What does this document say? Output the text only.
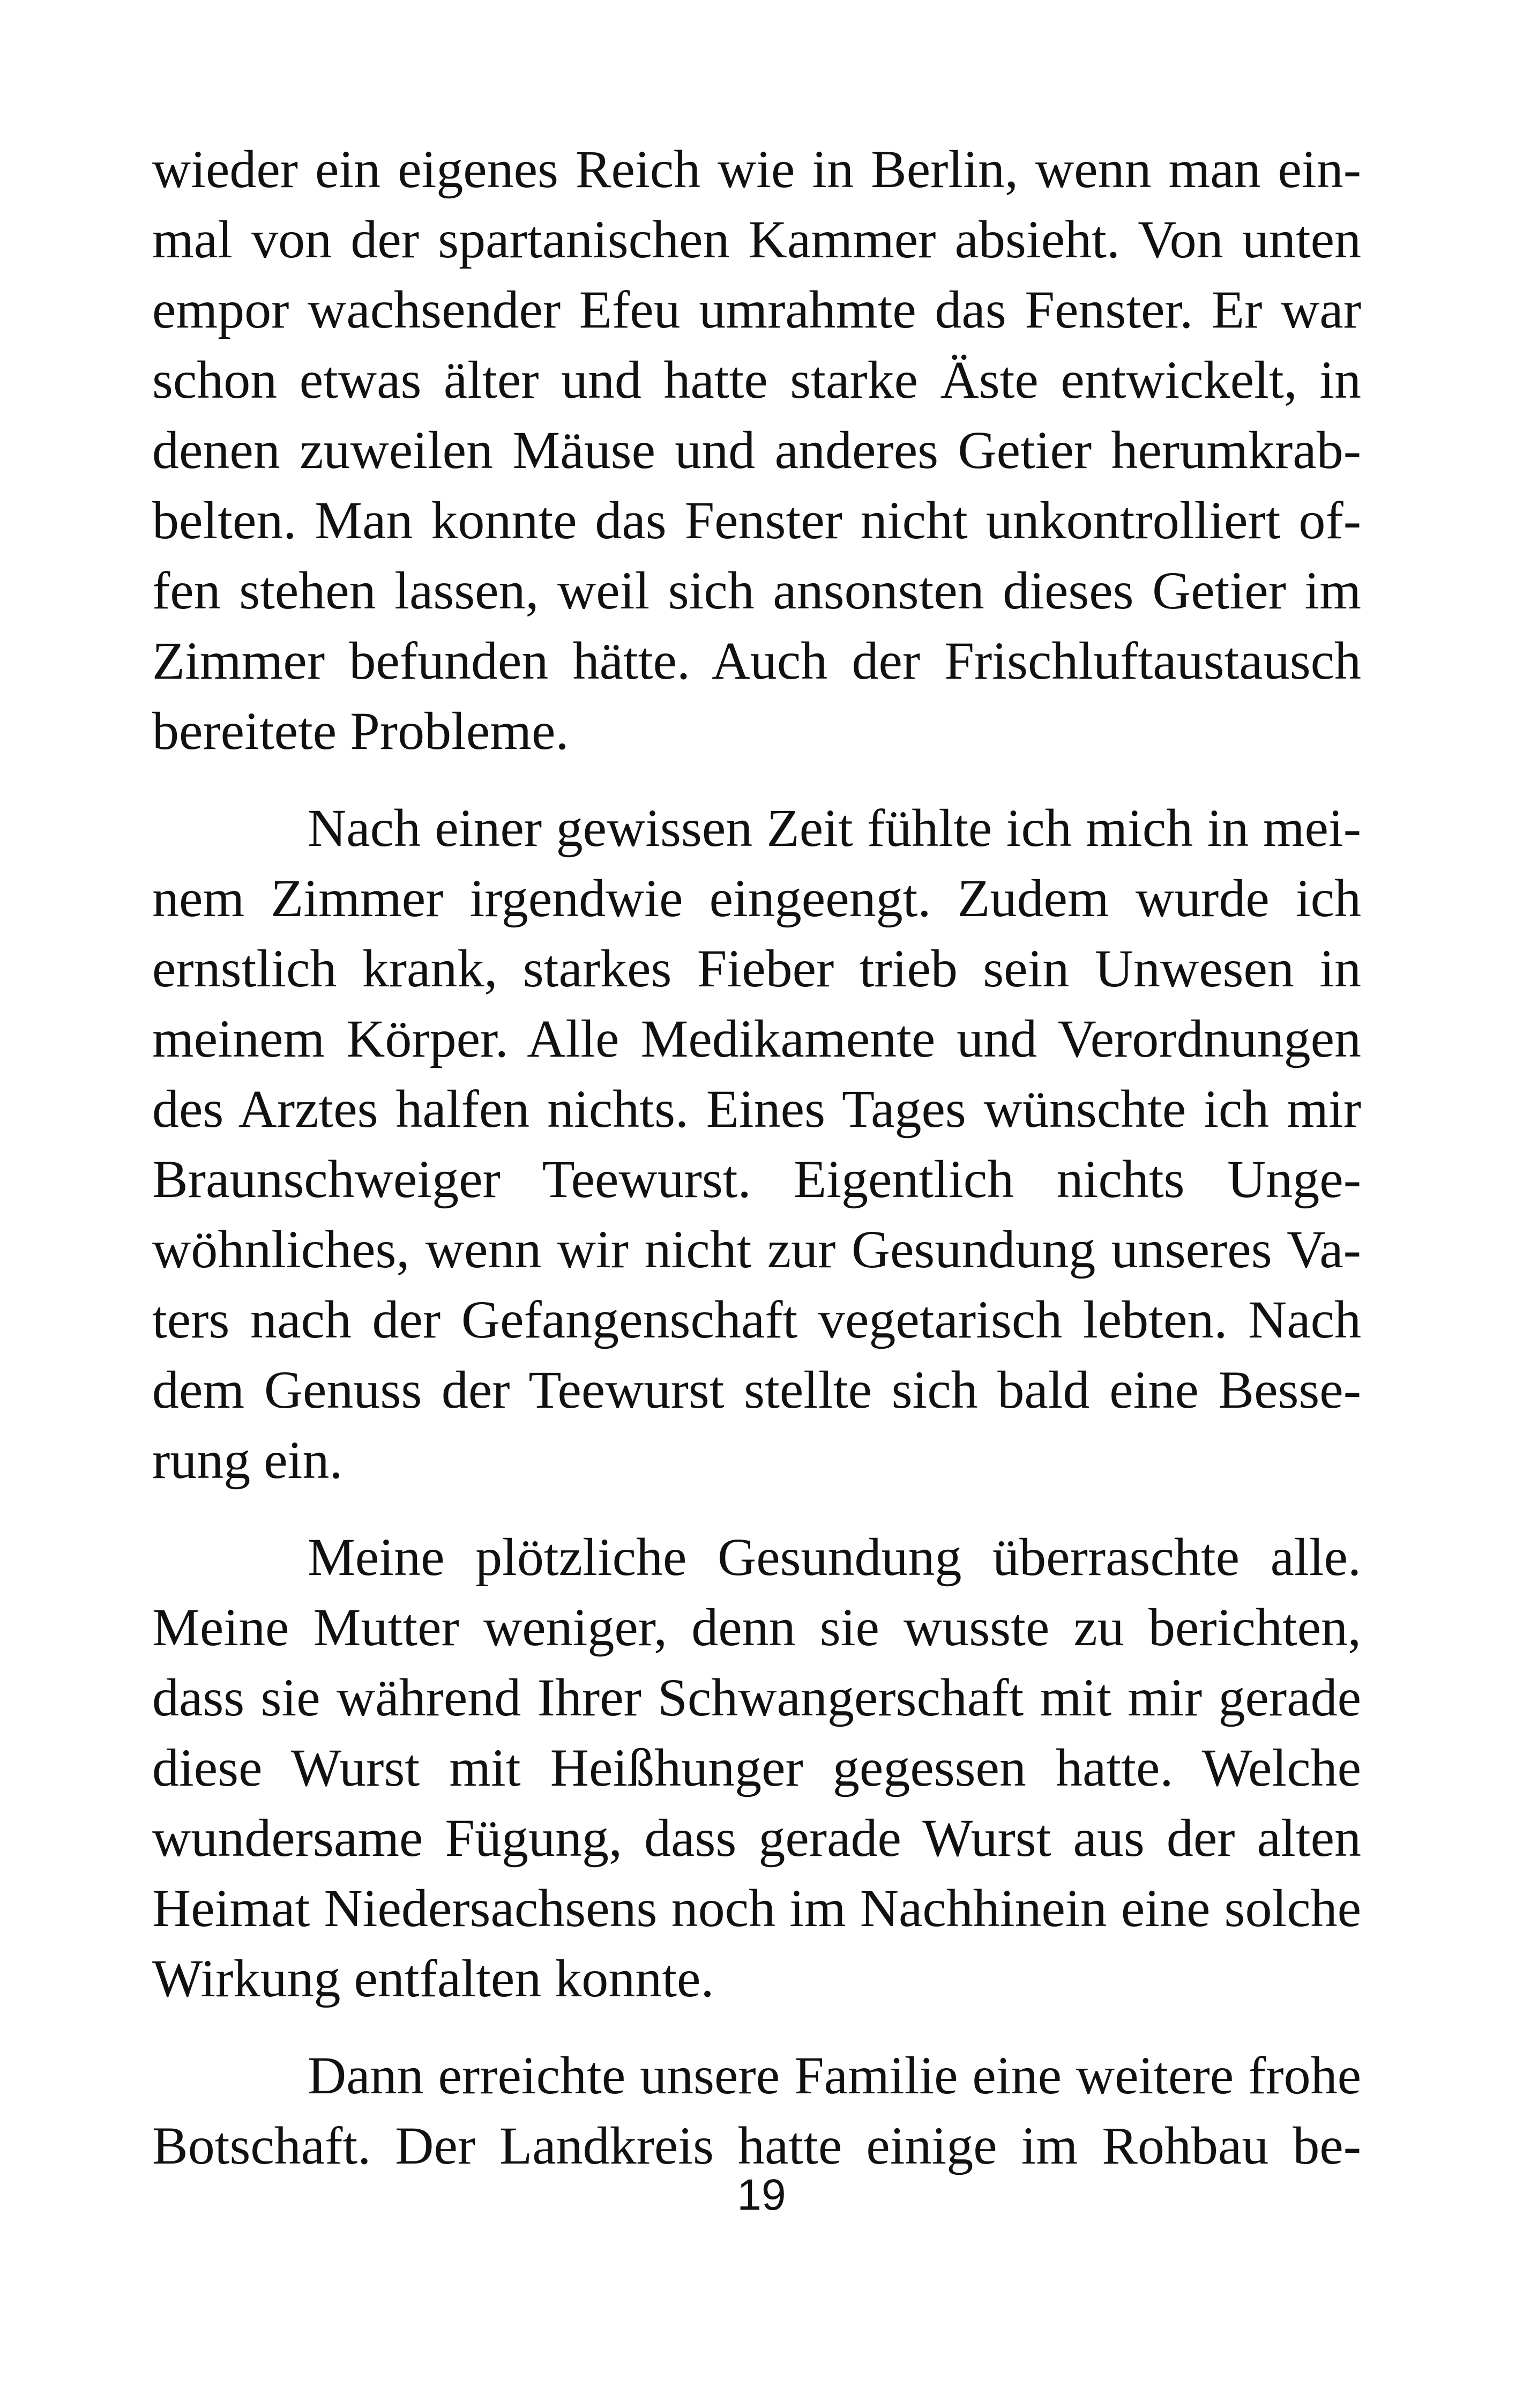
wieder ein eigenes Reich wie in Berlin, wenn man ein-
mal von der spartanischen Kammer absieht. Von unten
empor wachsender Efeu umrahmte das Fenster. Er war
schon etwas älter und hatte starke Äste entwickelt, in
denen zuweilen Mäuse und anderes Getier herumkrab-
belten. Man konnte das Fenster nicht unkontrolliert of-
fen stehen lassen, weil sich ansonsten dieses Getier im
Zimmer befunden hätte. Auch der Frischluftaustausch
bereitete Probleme.
Nach einer gewissen Zeit fühlte ich mich in mei-
nem Zimmer irgendwie eingeengt. Zudem wurde ich
ernstlich krank, starkes Fieber trieb sein Unwesen in
meinem Körper. Alle Medikamente und Verordnungen
des Arztes halfen nichts. Eines Tages wünschte ich mir
Braunschweiger Teewurst. Eigentlich nichts Unge-
wöhnliches, wenn wir nicht zur Gesundung unseres Va-
ters nach der Gefangenschaft vegetarisch lebten. Nach
dem Genuss der Teewurst stellte sich bald eine Besse-
rung ein.
Meine plötzliche Gesundung überraschte alle.
Meine Mutter weniger, denn sie wusste zu berichten,
dass sie während Ihrer Schwangerschaft mit mir gerade
diese Wurst mit Heißhunger gegessen hatte. Welche
wundersame Fügung, dass gerade Wurst aus der alten
Heimat Niedersachsens noch im Nachhinein eine solche
Wirkung entfalten konnte.
Dann erreichte unsere Familie eine weitere frohe
Botschaft. Der Landkreis hatte einige im Rohbau be-
19
